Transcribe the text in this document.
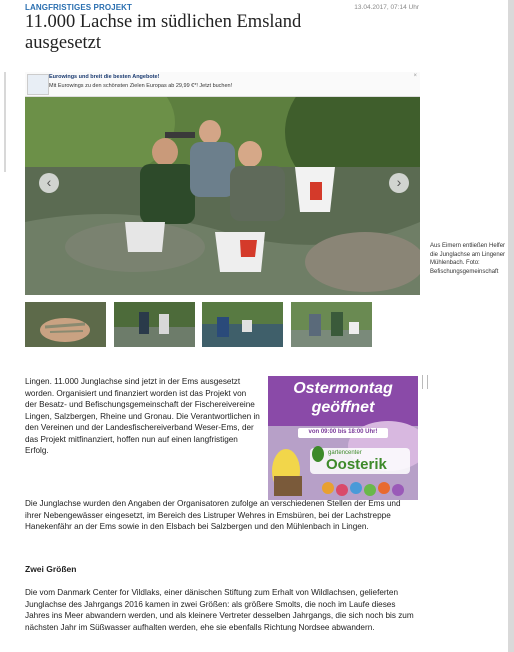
LANGFRISTIGES PROJEKT	13.04.2017, 07:14 Uhr
11.000 Lachse im südlichen Emsland ausgesetzt
Eurowings und breit die besten Angebote!
Mit Eurowings zu den schönsten Zielen Europas ab 29,99 €*! Jetzt buchen!
×
‹	›
Aus Eimern entließen Helfer die Junglachse am Lingener Mühlenbach. Foto: Befischungsgemeinschaft
Ostermontag
geöffnet
von 09:00 bis 18:00 Uhr!
gartencenter
Oosterik
Lingen. 11.000 Junglachse sind jetzt in der Ems ausgesetzt worden. Organisiert und finanziert worden ist das Projekt von der Besatz- und Befischungsgemeinschaft der Fischereivereine Lingen, Salzbergen, Rheine und Gronau. Die Verantwortlichen in den Vereinen und der Landesfischereiverband Weser-Ems, der das Projekt mitfinanziert, hoffen nun auf einen langfristigen Erfolg.
Die Junglachse wurden den Angaben der Organisatoren zufolge an verschiedenen Stellen der Ems und ihrer Nebengewässer eingesetzt, im Bereich des Listruper Wehres in Emsbüren, bei der Lachstreppe Hanekenfähr an der Ems sowie in den Elsbach bei Salzbergen und den Mühlenbach in Lingen.
Zwei Größen
Die vom Danmark Center for Vildlaks, einer dänischen Stiftung zum Erhalt von Wildlachsen, gelieferten Junglachse des Jahrgangs 2016 kamen in zwei Größen: als größere Smolts, die noch im Laufe dieses Jahres ins Meer abwandern werden, und als kleinere Vertreter desselben Jahrgangs, die sich noch bis zum nächsten Jahr im Süßwasser aufhalten werden, ehe sie ebenfalls Richtung Nordsee abwandern.
